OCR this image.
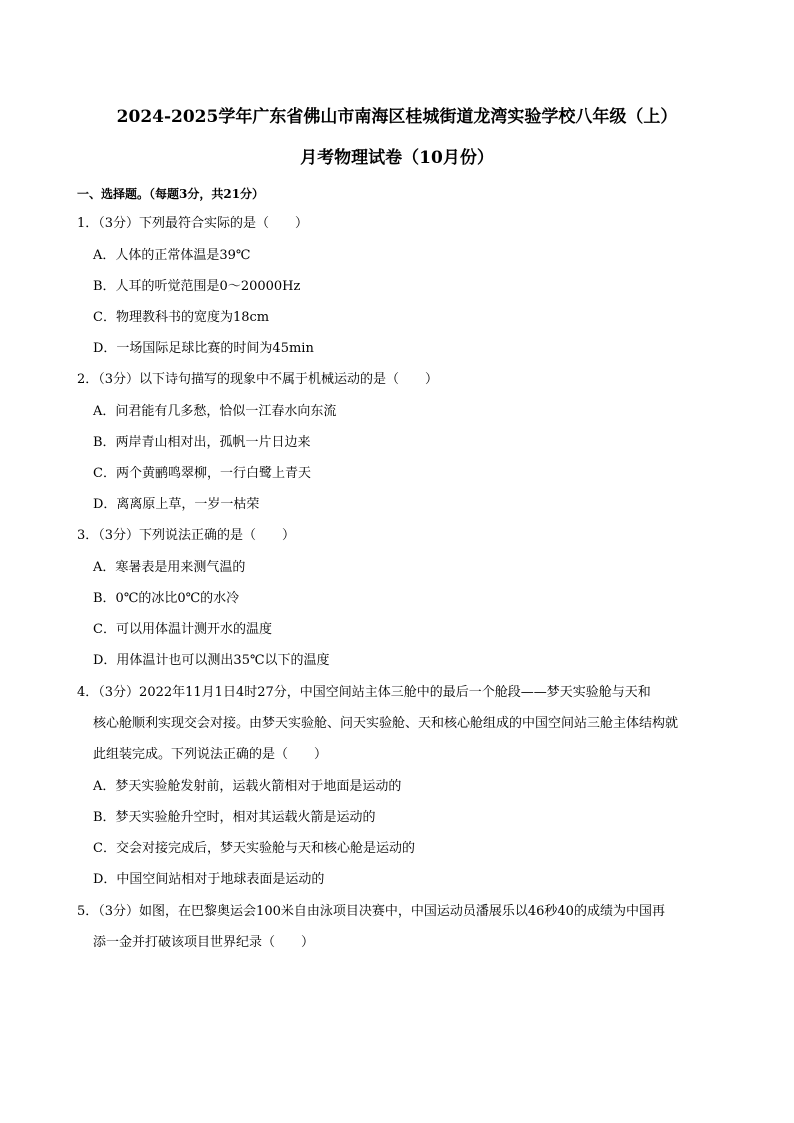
2024-2025学年广东省佛山市南海区桂城街道龙湾实验学校八年级（上）
月考物理试卷（10月份）
一、选择题。（每题3分，共21分）
1．（3分）下列最符合实际的是（　　）
A．人体的正常体温是39℃
B．人耳的听觉范围是0～20000Hz
C．物理教科书的宽度为18cm
D．一场国际足球比赛的时间为45min
2．（3分）以下诗句描写的现象中不属于机械运动的是（　　）
A．问君能有几多愁，恰似一江春水向东流
B．两岸青山相对出，孤帆一片日边来
C．两个黄鹂鸣翠柳，一行白鹭上青天
D．离离原上草，一岁一枯荣
3．（3分）下列说法正确的是（　　）
A．寒暑表是用来测气温的
B．0℃的冰比0℃的水冷
C．可以用体温计测开水的温度
D．用体温计也可以测出35℃以下的温度
4．（3分）2022年11月1日4时27分，中国空间站主体三舱中的最后一个舱段——梦天实验舱与天和
核心舱顺利实现交会对接。由梦天实验舱、问天实验舱、天和核心舱组成的中国空间站三舱主体结构就
此组装完成。下列说法正确的是（　　）
A．梦天实验舱发射前，运载火箭相对于地面是运动的
B．梦天实验舱升空时，相对其运载火箭是运动的
C．交会对接完成后，梦天实验舱与天和核心舱是运动的
D．中国空间站相对于地球表面是运动的
5．（3分）如图，在巴黎奥运会100米自由泳项目决赛中，中国运动员潘展乐以46秒40的成绩为中国再
添一金并打破该项目世界纪录（　　）
